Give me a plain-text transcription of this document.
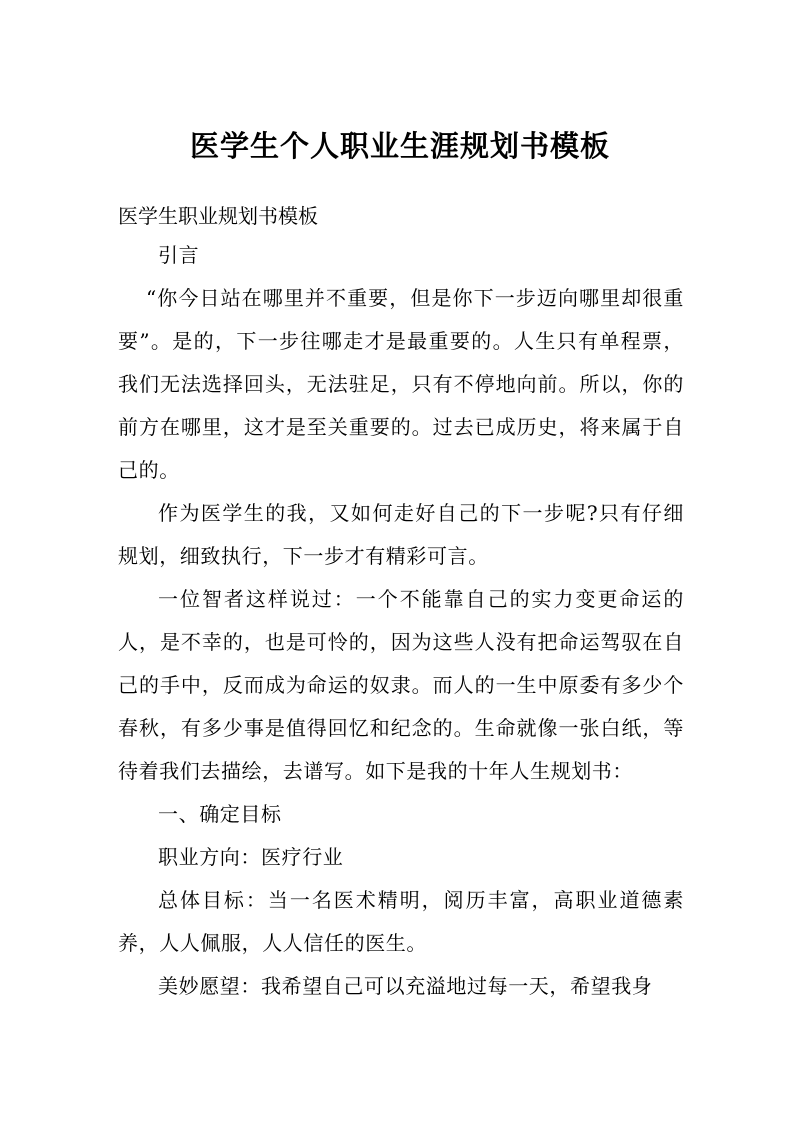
医学生个人职业生涯规划书模板

医学生职业规划书模板

引言

“你今日站在哪里并不重要，但是你下一步迈向哪里却很重要”。是的，下一步往哪走才是最重要的。人生只有单程票，我们无法选择回头，无法驻足，只有不停地向前。所以，你的前方在哪里，这才是至关重要的。过去已成历史，将来属于自己的。

作为医学生的我，又如何走好自己的下一步呢?只有仔细规划，细致执行，下一步才有精彩可言。

一位智者这样说过：一个不能靠自己的实力变更命运的人，是不幸的，也是可怜的，因为这些人没有把命运驾驭在自己的手中，反而成为命运的奴隶。而人的一生中原委有多少个春秋，有多少事是值得回忆和纪念的。生命就像一张白纸，等待着我们去描绘，去谱写。如下是我的十年人生规划书：

一、确定目标

职业方向：医疗行业

总体目标：当一名医术精明，阅历丰富，高职业道德素养，人人佩服，人人信任的医生。

美妙愿望：我希望自己可以充溢地过每一天，希望我身
